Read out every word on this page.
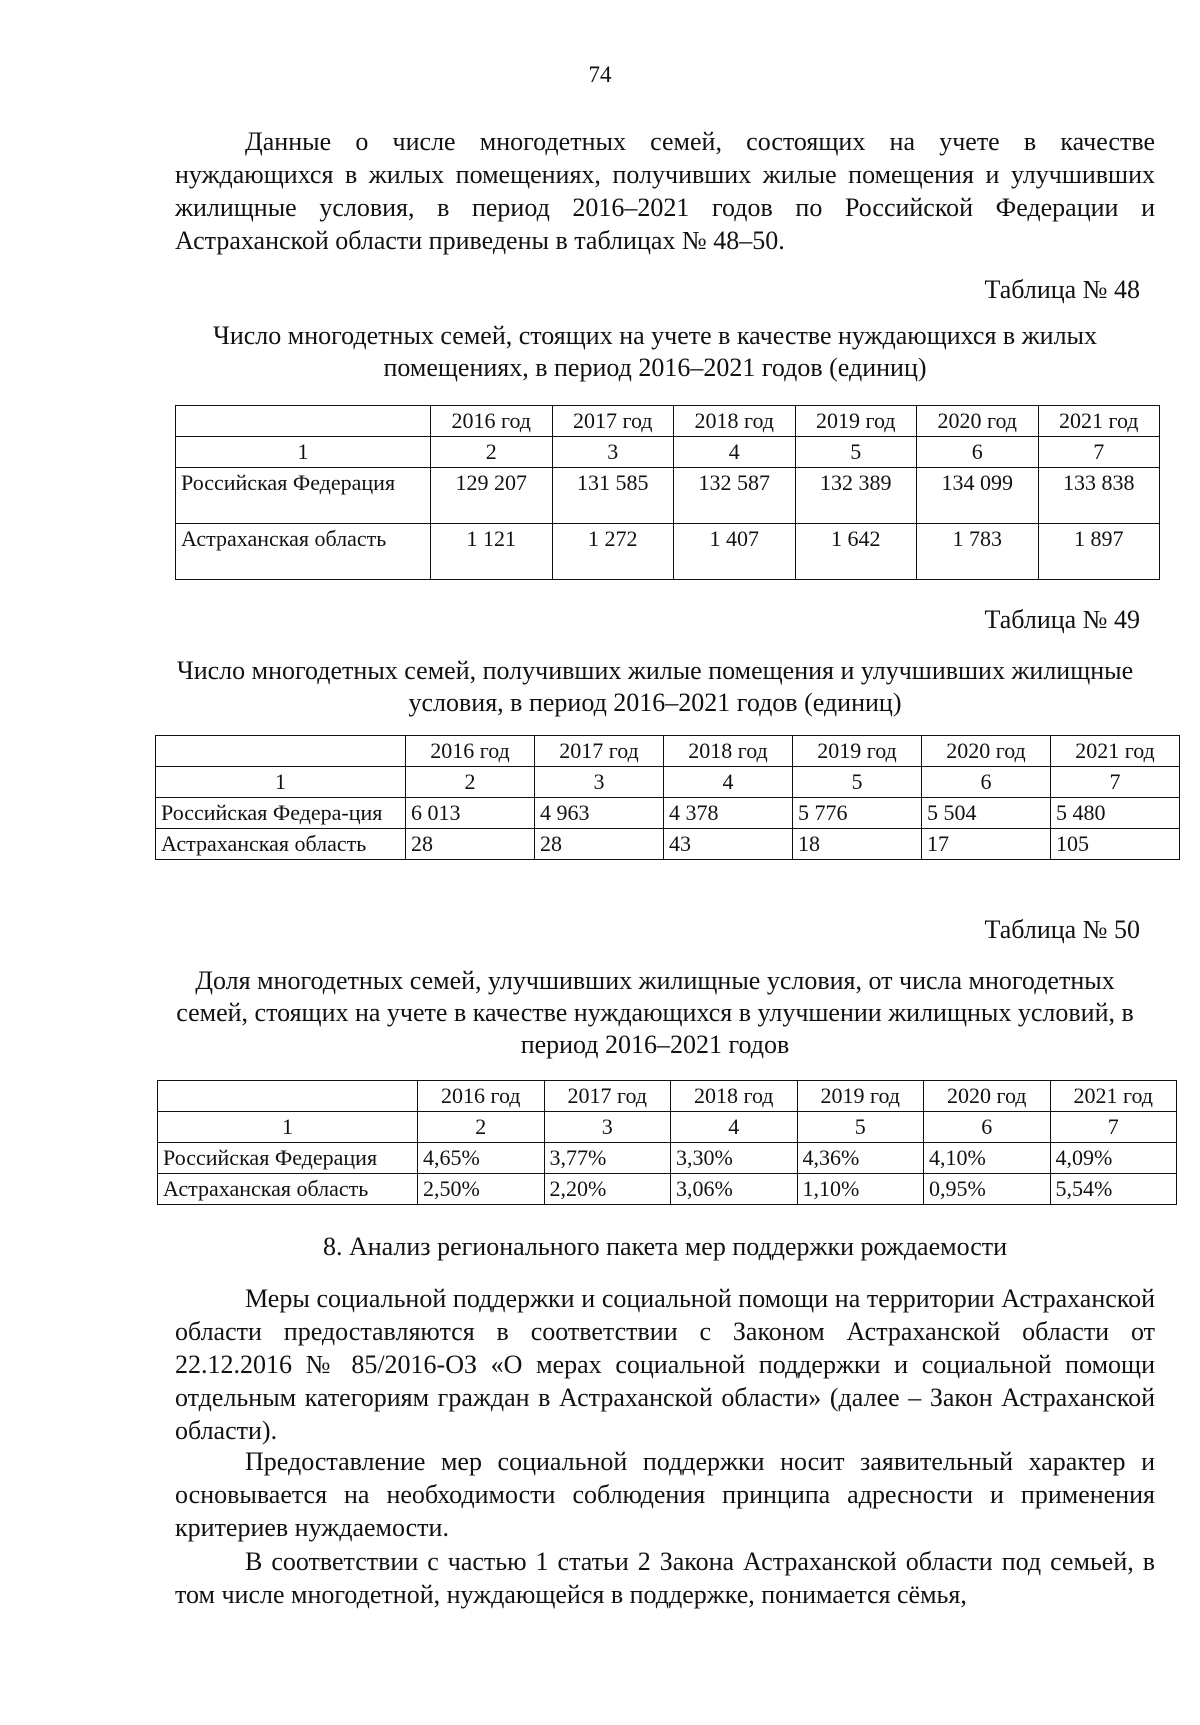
74

Данные о числе многодетных семей, состоящих на учете в качестве нуждающихся в жилых помещениях, получивших жилые помещения и улучшивших жилищные условия, в период 2016–2021 годов по Российской Федерации и Астраханской области приведены в таблицах № 48–50.

Таблица № 48

Число многодетных семей, стоящих на учете в качестве нуждающихся в жилых помещениях, в период 2016–2021 годов (единиц)

	2016 год	2017 год	2018 год	2019 год	2020 год	2021 год
1	2	3	4	5	6	7
Российская Федерация	129 207	131 585	132 587	132 389	134 099	133 838
Астраханская область	1 121	1 272	1 407	1 642	1 783	1 897
Таблица № 49

Число многодетных семей, получивших жилые помещения и улучшивших жилищные условия, в период 2016–2021 годов (единиц)

	2016 год	2017 год	2018 год	2019 год	2020 год	2021 год
1	2	3	4	5	6	7
Российская Федера-ция	6 013	4 963	4 378	5 776	5 504	5 480
Астраханская область	28	28	43	18	17	105
Таблица № 50

Доля многодетных семей, улучшивших жилищные условия, от числа многодетных семей, стоящих на учете в качестве нуждающихся в улучшении жилищных условий, в период 2016–2021 годов

	2016 год	2017 год	2018 год	2019 год	2020 год	2021 год
1	2	3	4	5	6	7
Российская Федерация	4,65%	3,77%	3,30%	4,36%	4,10%	4,09%
Астраханская область	2,50%	2,20%	3,06%	1,10%	0,95%	5,54%

8. Анализ регионального пакета мер поддержки рождаемости

Меры социальной поддержки и социальной помощи на территории Астраханской области предоставляются в соответствии с Законом Астраханской области от 22.12.2016 № 85/2016-ОЗ «О мерах социальной поддержки и социальной помощи отдельным категориям граждан в Астраханской области» (далее – Закон Астраханской области).

Предоставление мер социальной поддержки носит заявительный характер и основывается на необходимости соблюдения принципа адресности и применения критериев нуждаемости.

В соответствии с частью 1 статьи 2 Закона Астраханской области под семьей, в том числе многодетной, нуждающейся в поддержке, понимается сёмья,
